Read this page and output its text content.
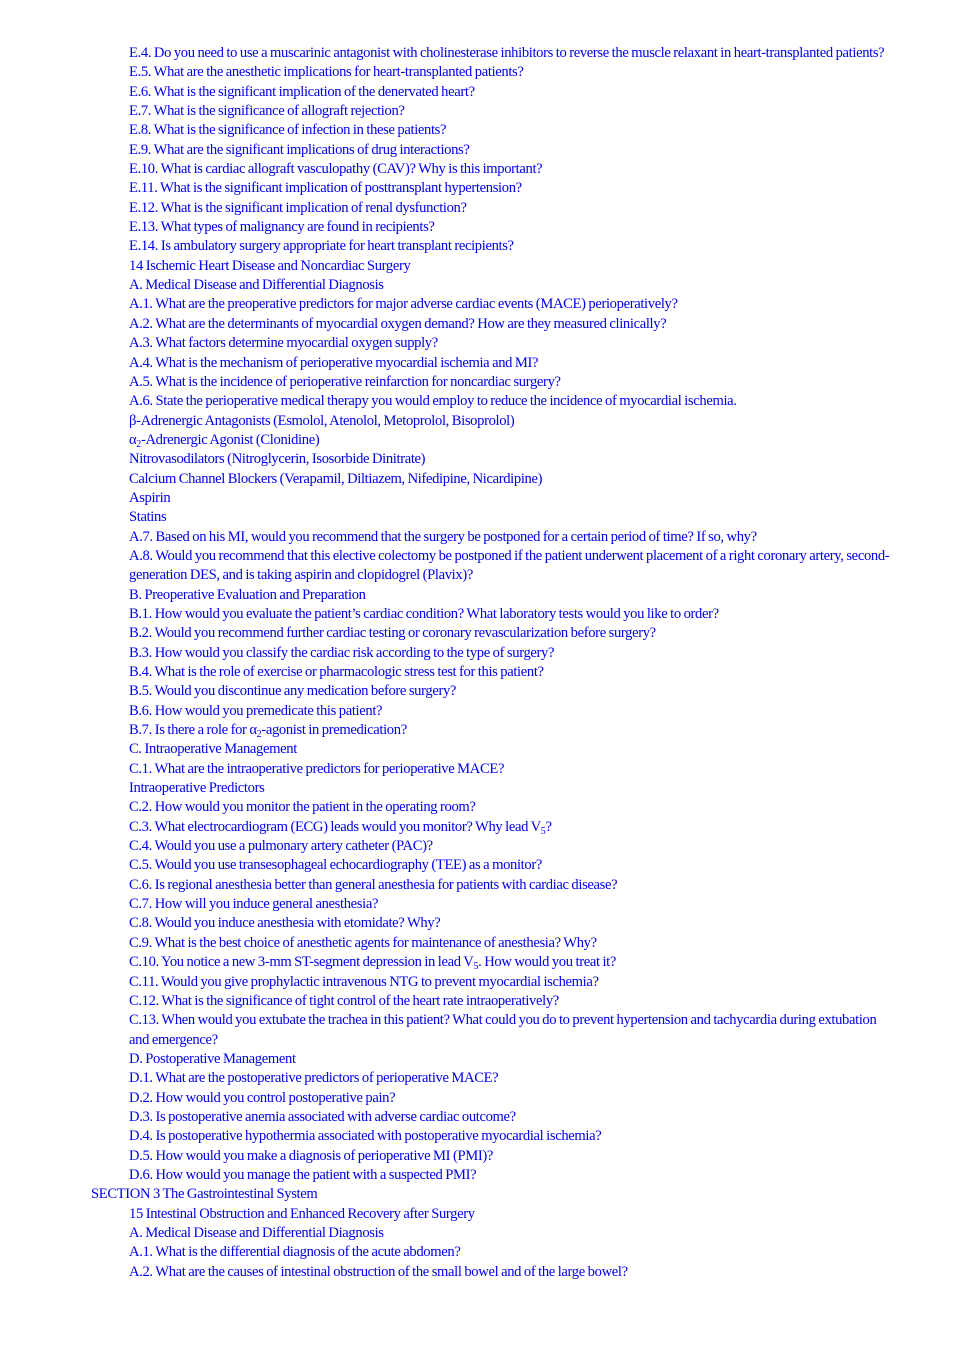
E.4. Do you need to use a muscarinic antagonist with cholinesterase inhibitors to reverse the muscle relaxant in heart-transplanted patients?
E.5. What are the anesthetic implications for heart-transplanted patients?
E.6. What is the significant implication of the denervated heart?
E.7. What is the significance of allograft rejection?
E.8. What is the significance of infection in these patients?
E.9. What are the significant implications of drug interactions?
E.10. What is cardiac allograft vasculopathy (CAV)? Why is this important?
E.11. What is the significant implication of posttransplant hypertension?
E.12. What is the significant implication of renal dysfunction?
E.13. What types of malignancy are found in recipients?
E.14. Is ambulatory surgery appropriate for heart transplant recipients?
14 Ischemic Heart Disease and Noncardiac Surgery
A. Medical Disease and Differential Diagnosis
A.1. What are the preoperative predictors for major adverse cardiac events (MACE) perioperatively?
A.2. What are the determinants of myocardial oxygen demand? How are they measured clinically?
A.3. What factors determine myocardial oxygen supply?
A.4. What is the mechanism of perioperative myocardial ischemia and MI?
A.5. What is the incidence of perioperative reinfarction for noncardiac surgery?
A.6. State the perioperative medical therapy you would employ to reduce the incidence of myocardial ischemia.
β-Adrenergic Antagonists (Esmolol, Atenolol, Metoprolol, Bisoprolol)
$\alpha_2$-Adrenergic Agonist (Clonidine)
Nitrovasodilators (Nitroglycerin, Isosorbide Dinitrate)
Calcium Channel Blockers (Verapamil, Diltiazem, Nifedipine, Nicardipine)
Aspirin
Statins
A.7. Based on his MI, would you recommend that the surgery be postponed for a certain period of time? If so, why?
A.8. Would you recommend that this elective colectomy be postponed if the patient underwent placement of a right coronary artery, second-generation DES, and is taking aspirin and clopidogrel (Plavix)?
B. Preoperative Evaluation and Preparation
B.1. How would you evaluate the patient’s cardiac condition? What laboratory tests would you like to order?
B.2. Would you recommend further cardiac testing or coronary revascularization before surgery?
B.3. How would you classify the cardiac risk according to the type of surgery?
B.4. What is the role of exercise or pharmacologic stress test for this patient?
B.5. Would you discontinue any medication before surgery?
B.6. How would you premedicate this patient?
B.7. Is there a role for $\alpha_2$-agonist in premedication?
C. Intraoperative Management
C.1. What are the intraoperative predictors for perioperative MACE?
Intraoperative Predictors
C.2. How would you monitor the patient in the operating room?
C.3. What electrocardiogram (ECG) leads would you monitor? Why lead $V_5$?
C.4. Would you use a pulmonary artery catheter (PAC)?
C.5. Would you use transesophageal echocardiography (TEE) as a monitor?
C.6. Is regional anesthesia better than general anesthesia for patients with cardiac disease?
C.7. How will you induce general anesthesia?
C.8. Would you induce anesthesia with etomidate? Why?
C.9. What is the best choice of anesthetic agents for maintenance of anesthesia? Why?
C.10. You notice a new 3-mm ST-segment depression in lead $V_5$. How would you treat it?
C.11. Would you give prophylactic intravenous NTG to prevent myocardial ischemia?
C.12. What is the significance of tight control of the heart rate intraoperatively?
C.13. When would you extubate the trachea in this patient? What could you do to prevent hypertension and tachycardia during extubation and emergence?
D. Postoperative Management
D.1. What are the postoperative predictors of perioperative MACE?
D.2. How would you control postoperative pain?
D.3. Is postoperative anemia associated with adverse cardiac outcome?
D.4. Is postoperative hypothermia associated with postoperative myocardial ischemia?
D.5. How would you make a diagnosis of perioperative MI (PMI)?
D.6. How would you manage the patient with a suspected PMI?
SECTION 3 The Gastrointestinal System
15 Intestinal Obstruction and Enhanced Recovery after Surgery
A. Medical Disease and Differential Diagnosis
A.1. What is the differential diagnosis of the acute abdomen?
A.2. What are the causes of intestinal obstruction of the small bowel and of the large bowel?
